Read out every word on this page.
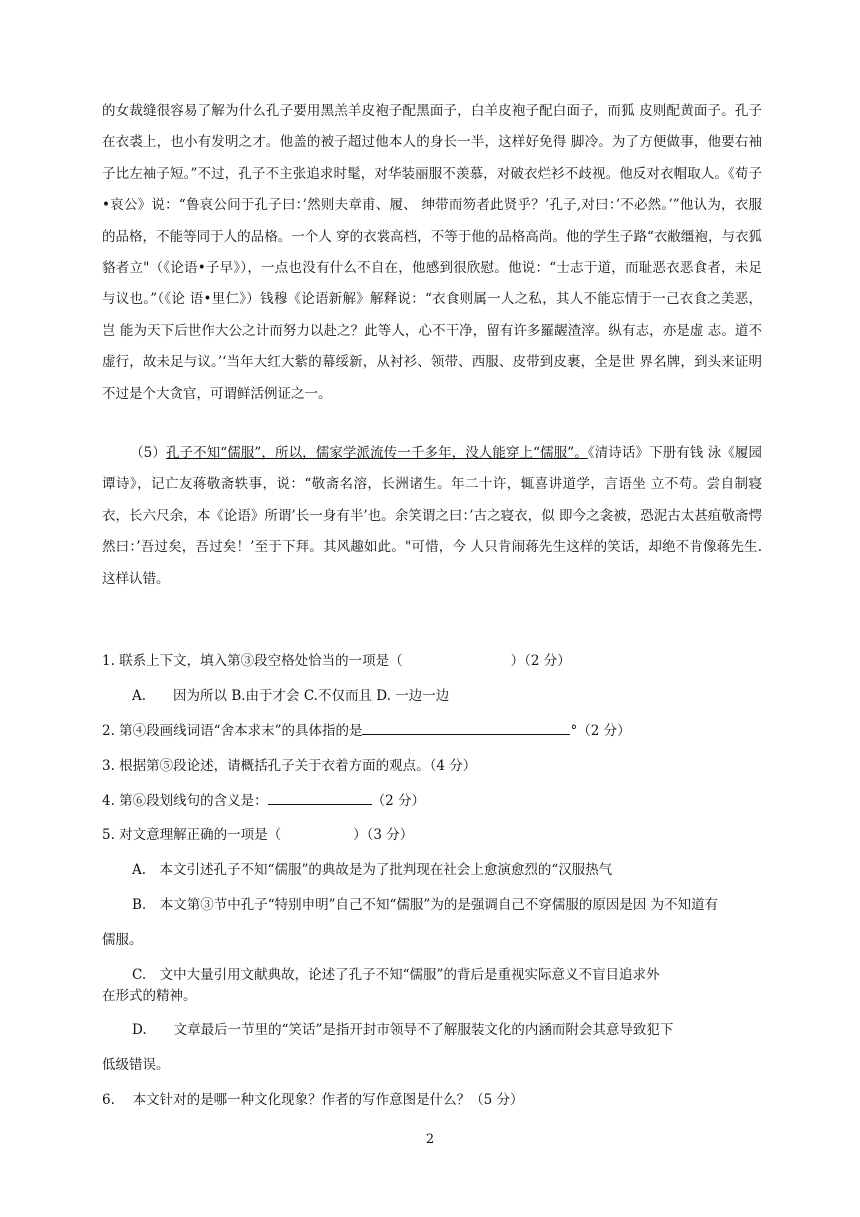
的女裁缝很容易了解为什么孔子要用黑羔羊皮袍子配黑面子，白羊皮袍子配白面子，而狐 皮则配黄面子。孔子在衣裘上，也小有发明之才。他盖的被子超过他本人的身长一半，这样好免得 脚冷。为了方便做事，他要右袖子比左袖子短。”不过，孔子不主张追求时髦，对华装丽服不羡慕，对破衣烂衫不歧视。他反对衣帽取人。《荀子•哀公》说：“鲁哀公问于孔子曰：’然则夫章甫、履、 绅带而笏者此贤乎？’孔子,对曰：’不必然。’”他认为，衣服的品格，不能等同于人的品格。一个人 穿的衣裳高档，不等于他的品格高尚。他的学生子路“衣敝缰袍，与衣狐貉者立"（《论语•子早》），一点也没有什么不自在，他感到很欣慰。他说：“士志于道，而耻恶衣恶食者，未足与议也。”（《论 语•里仁》）钱穆《论语新解》解释说：“衣食则属一人之私，其人不能忘情于一己衣食之美恶，岂 能为天下后世作大公之计而努力以赴之？此等人，心不干净，留有许多羅龌渣滓。纵有志，亦是虚 志。道不虚行，故未足与议。’‘当年大红大紫的幕绥新，从衬衫、领带、西服、皮带到皮裹，全是世 界名牌，到头来证明不过是个大贪官，可谓鲜活例证之一。

（5）孔子不知“儒服”，所以，儒家学派流传一千多年，没人能穿上“儒服”。《清诗话》下册有钱 泳《履园谭诗》，记亡友蒋敬斋轶事，说：“敬斋名溶，长洲诸生。年二十许，辄喜讲道学，言语坐 立不苟。尝自制寝衣，长六尺余，本《论语》所谓’长一身有半’也。余笑谓之曰：’古之寝衣，似 即今之衾被，恐泥古太甚疽敬斋愕然曰：’吾过矣，吾过矣！’至于下拜。其风趣如此。"可惜，今 人只肯闹蒋先生这样的笑话，却绝不肯像蒋先生.这样认错。

1. 联系上下文，填入第③段空格处恰当的一项是（	）（2 分）
A.　　因为所以 B.由于才会 C.不仅而且 D. 一边一边
2. 第④段画线词语“舍本求末”的具体指的是	°（2 分）
3. 根据第⑤段论述，请概括孔子关于衣着方面的观点。（4 分）
4. 第⑥段划线句的含义是：	（2 分）
5. 对文意理解正确的一项是（	）（3 分）
A.　本文引述孔子不知“儒服”的典故是为了批判现在社会上愈演愈烈的“汉服热气
B.　本文第③节中孔子“特别申明”自己不知“儒服”为的是强调自己不穿儒服的原因是因 为不知道有
儒服。
C.　文中大量引用文献典故，论述了孔子不知“儒服”的背后是重视实际意义不盲目追求外
在形式的精神。
D.　　文章最后一节里的“笑话”是指开封市领导不了解服装文化的内涵而附会其意导致犯下
低级错误。
6.　 本文针对的是哪一种文化现象？作者的写作意图是什么？（5 分）
2
